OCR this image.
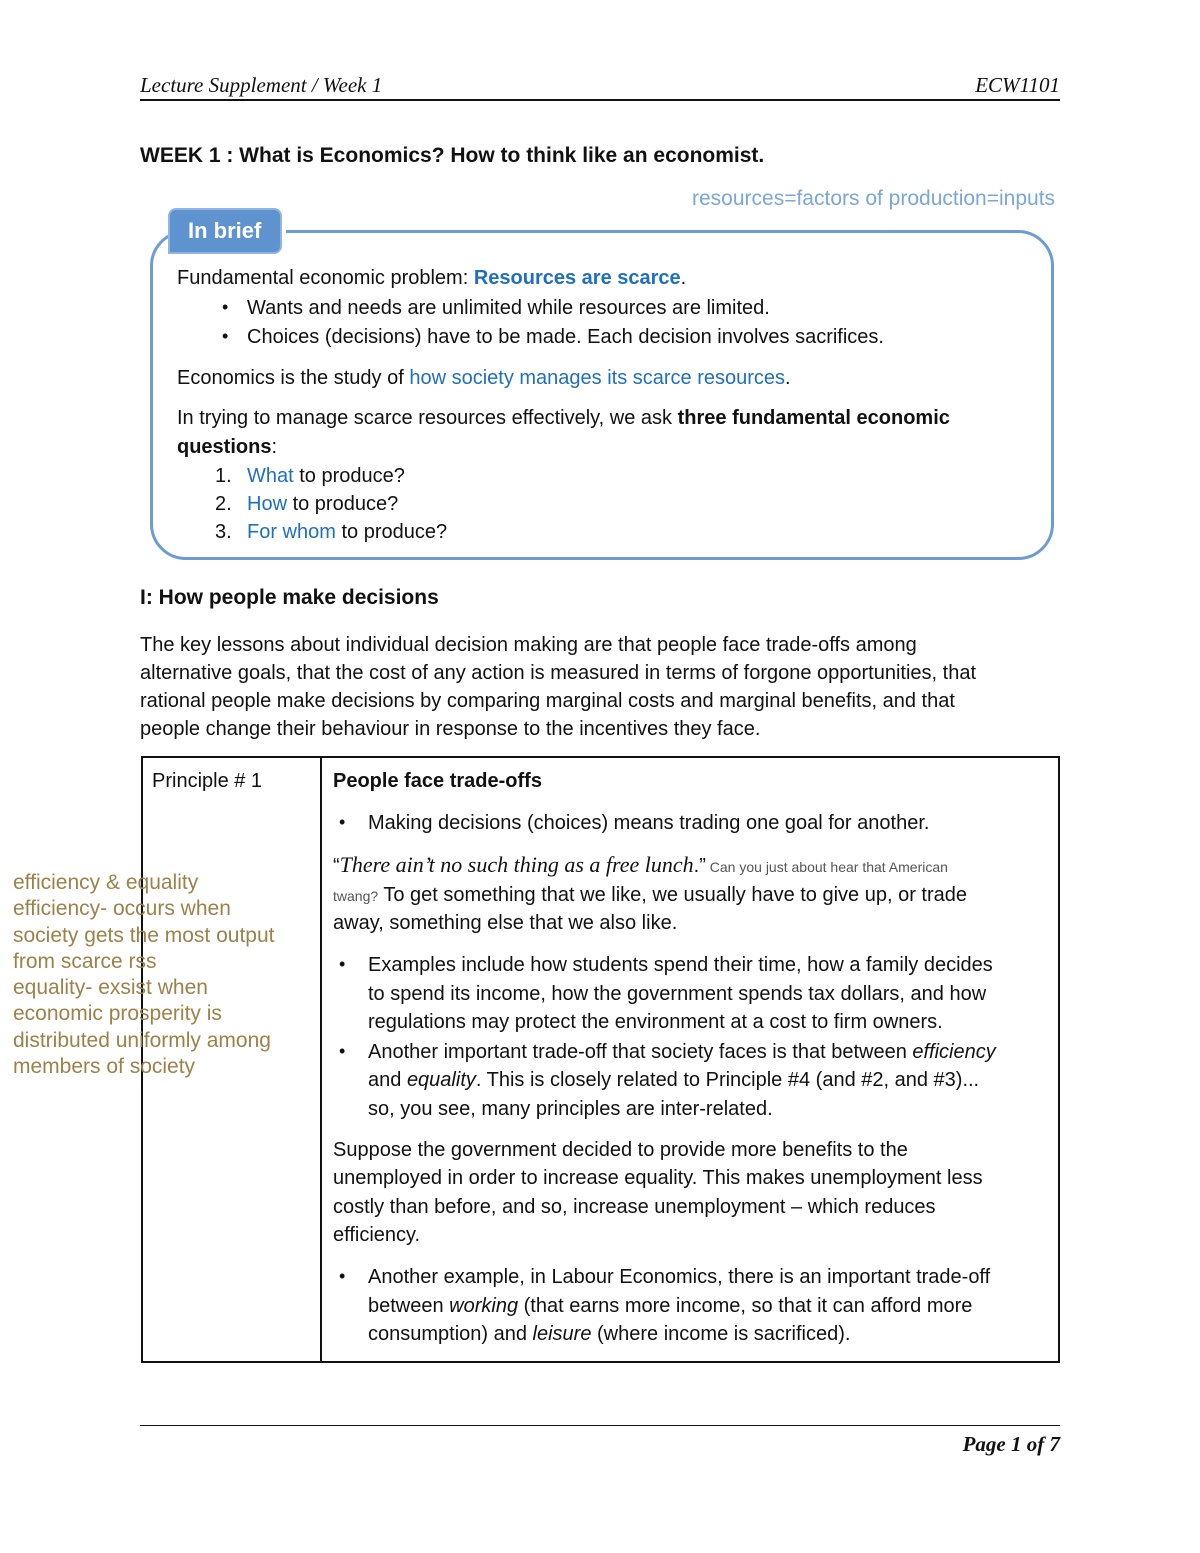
Lecture Supplement / Week 1	ECW1101
WEEK 1 : What is Economics? How to think like an economist.
resources=factors of production=inputs
In brief
Fundamental economic problem: Resources are scarce.
• Wants and needs are unlimited while resources are limited.
• Choices (decisions) have to be made. Each decision involves sacrifices.
Economics is the study of how society manages its scarce resources.
In trying to manage scarce resources effectively, we ask three fundamental economic
questions:
1. What to produce?
2. How to produce?
3. For whom to produce?
I: How people make decisions
The key lessons about individual decision making are that people face trade-offs among
alternative goals, that the cost of any action is measured in terms of forgone opportunities, that
rational people make decisions by comparing marginal costs and marginal benefits, and that
people change their behaviour in response to the incentives they face.
Principle # 1	People face trade-offs
• Making decisions (choices) means trading one goal for another.
“There ain’t no such thing as a free lunch.” Can you just about hear that American
twang? To get something that we like, we usually have to give up, or trade
away, something else that we also like.
• Examples include how students spend their time, how a family decides
to spend its income, how the government spends tax dollars, and how
regulations may protect the environment at a cost to firm owners.
• Another important trade-off that society faces is that between efficiency
and equality. This is closely related to Principle #4 (and #2, and #3)...
so, you see, many principles are inter-related.
Suppose the government decided to provide more benefits to the
unemployed in order to increase equality. This makes unemployment less
costly than before, and so, increase unemployment – which reduces
efficiency.
• Another example, in Labour Economics, there is an important trade-off
between working (that earns more income, so that it can afford more
consumption) and leisure (where income is sacrificed).
efficiency & equality
efficiency- occurs when
society gets the most output
from scarce rss
equality- exsist when
economic prosperity is
distributed uniformly among
members of society
Page 1 of 7
